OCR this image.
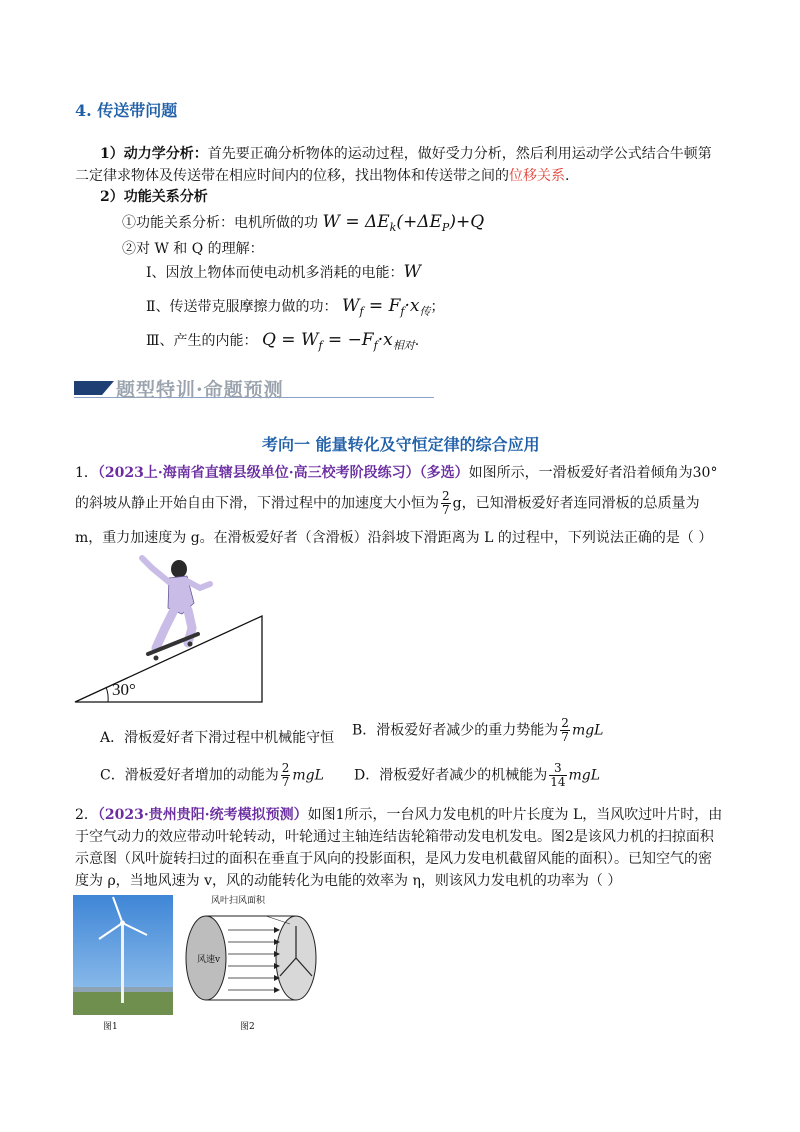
4. 传送带问题
1）动力学分析：首先要正确分析物体的运动过程，做好受力分析，然后利用运动学公式结合牛顿第
二定律求物体及传送带在相应时间内的位移，找出物体和传送带之间的位移关系.
2）功能关系分析
①功能关系分析：电机所做的功 $W = \Delta E_k(+\Delta E_P)+Q$
②对 W 和 Q 的理解：
Ⅰ、因放上物体而使电动机多消耗的电能：W
Ⅱ、传送带克服摩擦力做的功： $W_f = F_f\cdot x_传$；
Ⅲ、产生的内能： $Q = W_f = -F_f\cdot x_{相对}$.
题型特训·命题预测
考向一 能量转化及守恒定律的综合应用
1．（2023上·海南省直辖县级单位·高三校考阶段练习）（多选）如图所示，一滑板爱好者沿着倾角为30°
的斜坡从静止开始自由下滑，下滑过程中的加速度大小恒为 $\frac{2}{7}$ g，已知滑板爱好者连同滑板的总质量为
m，重力加速度为 g。在滑板爱好者（含滑板）沿斜坡下滑距离为 L 的过程中，下列说法正确的是（ ）
30°
A．滑板爱好者下滑过程中机械能守恒 B．滑板爱好者减少的重力势能为 $\frac{2}{7}$ mgL
C．滑板爱好者增加的动能为 $\frac{2}{7}$ mgL D．滑板爱好者减少的机械能为 $\frac{3}{14}$ mgL
2．（2023·贵州贵阳·统考模拟预测）如图1所示，一台风力发电机的叶片长度为 L，当风吹过叶片时，由
于空气动力的效应带动叶轮转动，叶轮通过主轴连结齿轮箱带动发电机发电。图2是该风力机的扫掠面积
示意图（风叶旋转扫过的面积在垂直于风向的投影面积，是风力发电机截留风能的面积）。已知空气的密
度为 ρ，当地风速为 v，风的动能转化为电能的效率为 η，则该风力发电机的功率为（ ）
图1
风叶扫风面积
风速v
图2
